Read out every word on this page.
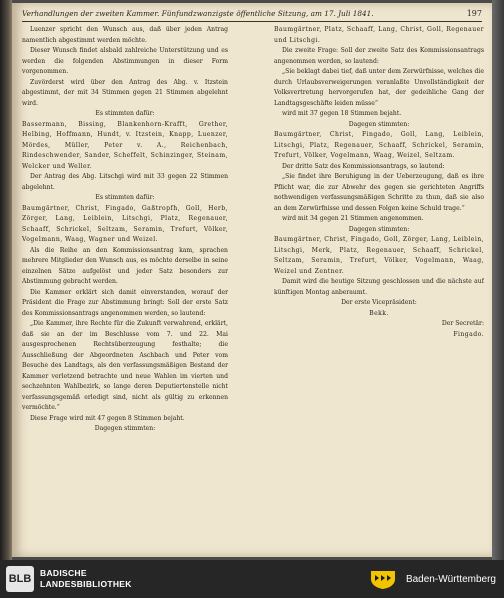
Verhandlungen der zweiten Kammer. Fünfundzwanzigste öffentliche Sitzung, am 17. Juli 1841.	197

Luenzer spricht den Wunsch aus, daß über jeden Antrag namentlich abgestimmt werden möchte.

Dieser Wunsch findet alsbald zahlreiche Unterstützung und es werden die folgenden Abstimmungen in dieser Form vorgenommen.

Zuvörderst wird über den Antrag des Abg. v. Itzstein abgestimmt, der mit 34 Stimmen gegen 21 Stimmen abgelehnt wird.

Es stimmten dafür:

Bassermann, Bissing, Blankenhorn-Krafft, Grether, Helbing, Hoffmann, Hundt, v. Itzstein, Knapp, Luenzer, Mördes, Müller, Peter v. A., Reichenbach, Rindeschwender, Sander, Scheffelt, Schinzinger, Steinam, Welcker und Weller.

Der Antrag des Abg. Litschgi wird mit 33 gegen 22 Stimmen abgelehnt.

Es stimmten dafür:

Baumgärtner, Christ, Fingado, Gaßtropfh, Goll, Herb, Zörger, Lang, Leiblein, Litschgi, Platz, Regenauer, Schaaff, Schrickel, Seltzam, Seramin, Trefurt, Völker, Vogelmann, Waag, Wagner und Weizel.

Als die Reihe an den Kommissionsantrag kam, sprachen mehrere Mitglieder den Wunsch aus, es möchte derselbe in seine einzelnen Sätze aufgelöst und jeder Satz besonders zur Abstimmung gebracht werden.

Die Kammer erklärt sich damit einverstanden, worauf der Präsident die Frage zur Abstimmung bringt: Soll der erste Satz des Kommissionsantrags angenommen werden, so lautend:

„Die Kammer, ihre Rechte für die Zukunft verwahrend, erklärt, daß sie an der im Beschlusse vom 7. und 22. Mai ausgesprochenen Rechtsüberzeugung festhalte; die Ausschließung der Abgeordneten Aschbach und Peter vom Besuche des Landtags, als den verfassungsmäßigen Bestand der Kammer verletzend betrachte und neue Wahlen im vierten und sechzehnten Wahlbezirk, so lange deren Deputiertenstelle nicht verfassungsgemäß erledigt sind, nicht als gültig zu erkennen vermöchte.“

Diese Frage wird mit 47 gegen 8 Stimmen bejaht.

Dagegen stimmten:

Baumgärtner, Platz, Schaaff, Lang, Christ, Goll, Regenauer und Litschgi.

Die zweite Frage: Soll der zweite Satz des Kommissionsantrags angenommen werden, so lautend:

„Sie beklagt dabei tief, daß unter dem Zerwürfnisse, welches die durch Urlaubsverweigerungen veranlaßte Unvollständigkeit der Volksvertretung hervorgerufen hat, der gedeihliche Gang der Landtagsgeschäfte leiden müsse“

wird mit 37 gegen 18 Stimmen bejaht.

Dagegen stimmten:

Baumgärtner, Christ, Fingado, Goll, Lang, Leiblein, Litschgi, Platz, Regenauer, Schaaff, Schrickel, Seramin, Trefurt, Völker, Vogelmann, Waag, Weizel, Seltzam.

Der dritte Satz des Kommissionsantrags, so lautend:

„Sie findet ihre Beruhigung in der Ueberzeugung, daß es ihre Pflicht war, die zur Abwehr des gegen sie gerichteten Angriffs nothwendigen verfassungsmäßigen Schritte zu thun, daß sie also an dem Zerwürfnisse und dessen Folgen keine Schuld trage.“

wird mit 34 gegen 21 Stimmen angenommen.

Dagegen stimmten:

Baumgärtner, Christ, Fingado, Goll, Zörger, Lang, Leiblein, Litschgi, Merk, Platz, Regenauer, Schaaff, Schrickel, Seltzam, Seramin, Trefurt, Völker, Vogelmann, Waag, Weizel und Zentner.

Damit wird die heutige Sitzung geschlossen und die nächste auf künftigen Montag anberaumt.

Der erste Vicepräsident:

Bekk.

Der Secretär:

Fingado.

BLB	BADISCHE
LANDESBIBLIOTHEK	Baden-Württemberg
